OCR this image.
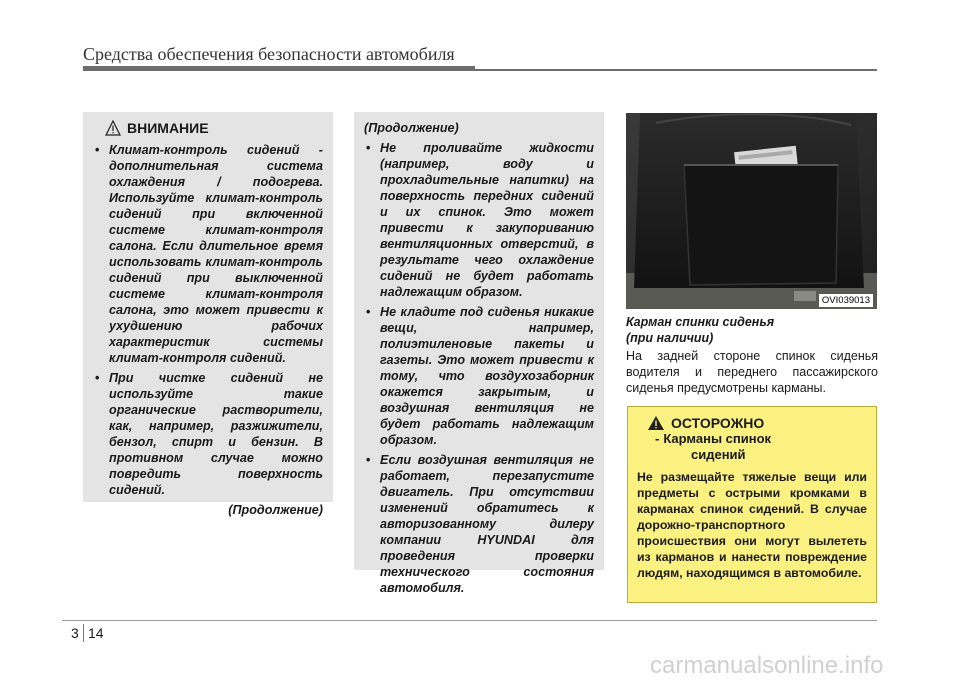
Средства обеспечения безопасности автомобиля
ВНИМАНИЕ
• Климат-контроль сидений - дополнительная система охлаждения / подогрева. Используйте климат-контроль сидений при включенной системе климат-контроля салона. Если длительное время использовать климат-контроль сидений при выключенной системе климат-контроля салона, это может привести к ухудшению рабочих характеристик системы климат-контроля сидений.
• При чистке сидений не используйте такие органические растворители, как, например, разжижители, бензол, спирт и бензин. В противном случае можно повредить поверхность сидений.
(Продолжение)
(Продолжение)
• Не проливайте жидкости (например, воду и прохладительные напитки) на поверхность передних сидений и их спинок. Это может привести к закупориванию вентиляционных отверстий, в результате чего охлаждение сидений не будет работать надлежащим образом.
• Не кладите под сиденья никакие вещи, например, полиэтиленовые пакеты и газеты. Это может привести к тому, что воздухозаборник окажется закрытым, и воздушная вентиляция не будет работать надлежащим образом.
• Если воздушная вентиляция не работает, перезапустите двигатель. При отсутствии изменений обратитесь к авторизованному дилеру компании HYUNDAI для проведения проверки технического состояния автомобиля.
OVI039013
Карман спинки сиденья
(при наличии)
На задней стороне спинок сиденья водителя и переднего пассажирского сиденья предусмотрены карманы.
ОСТОРОЖНО
- Карманы спинок
сидений
Не размещайте тяжелые вещи или предметы с острыми кромками в карманах спинок сидений. В случае дорожно-транспортного происшествия они могут вылететь из карманов и нанести повреждение людям, находящимся в автомобиле.
3 14
carmanualsonline.info
